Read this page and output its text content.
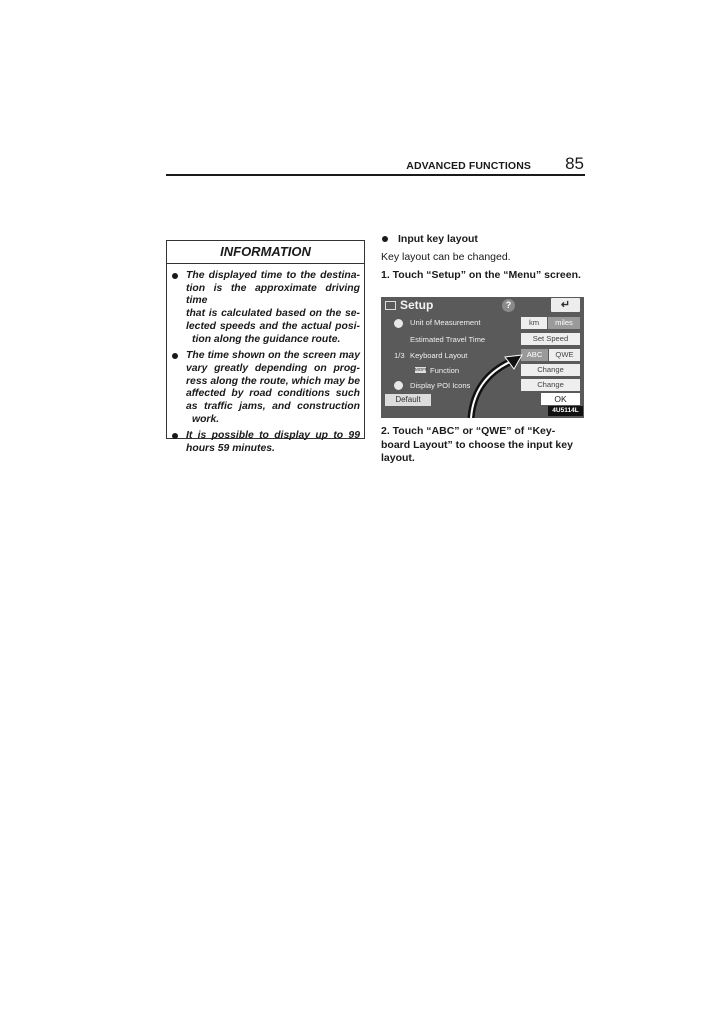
ADVANCED FUNCTIONS	85
INFORMATION
The displayed time to the destina-
tion is the approximate driving time
that is calculated based on the se-
lected speeds and the actual posi-
tion along the guidance route.
The time shown on the screen may
vary greatly depending on prog-
ress along the route, which may be
affected by road conditions such
as traffic jams, and construction
work.
It is possible to display up to 99
hours 59 minutes.
Input key layout
Key layout can be changed.
1. Touch “Setup” on the “Menu” screen.
Setup	?	↵
Unit of Measurement	km	miles
Estimated Travel Time	Set Speed
1/3 Keyboard Layout	ABC	QWE
MOFF Function	Change
Display POI Icons	Change
Default	OK
4U5114L
2. Touch “ABC” or “QWE” of “Key-board Layout” to choose the input key layout.
